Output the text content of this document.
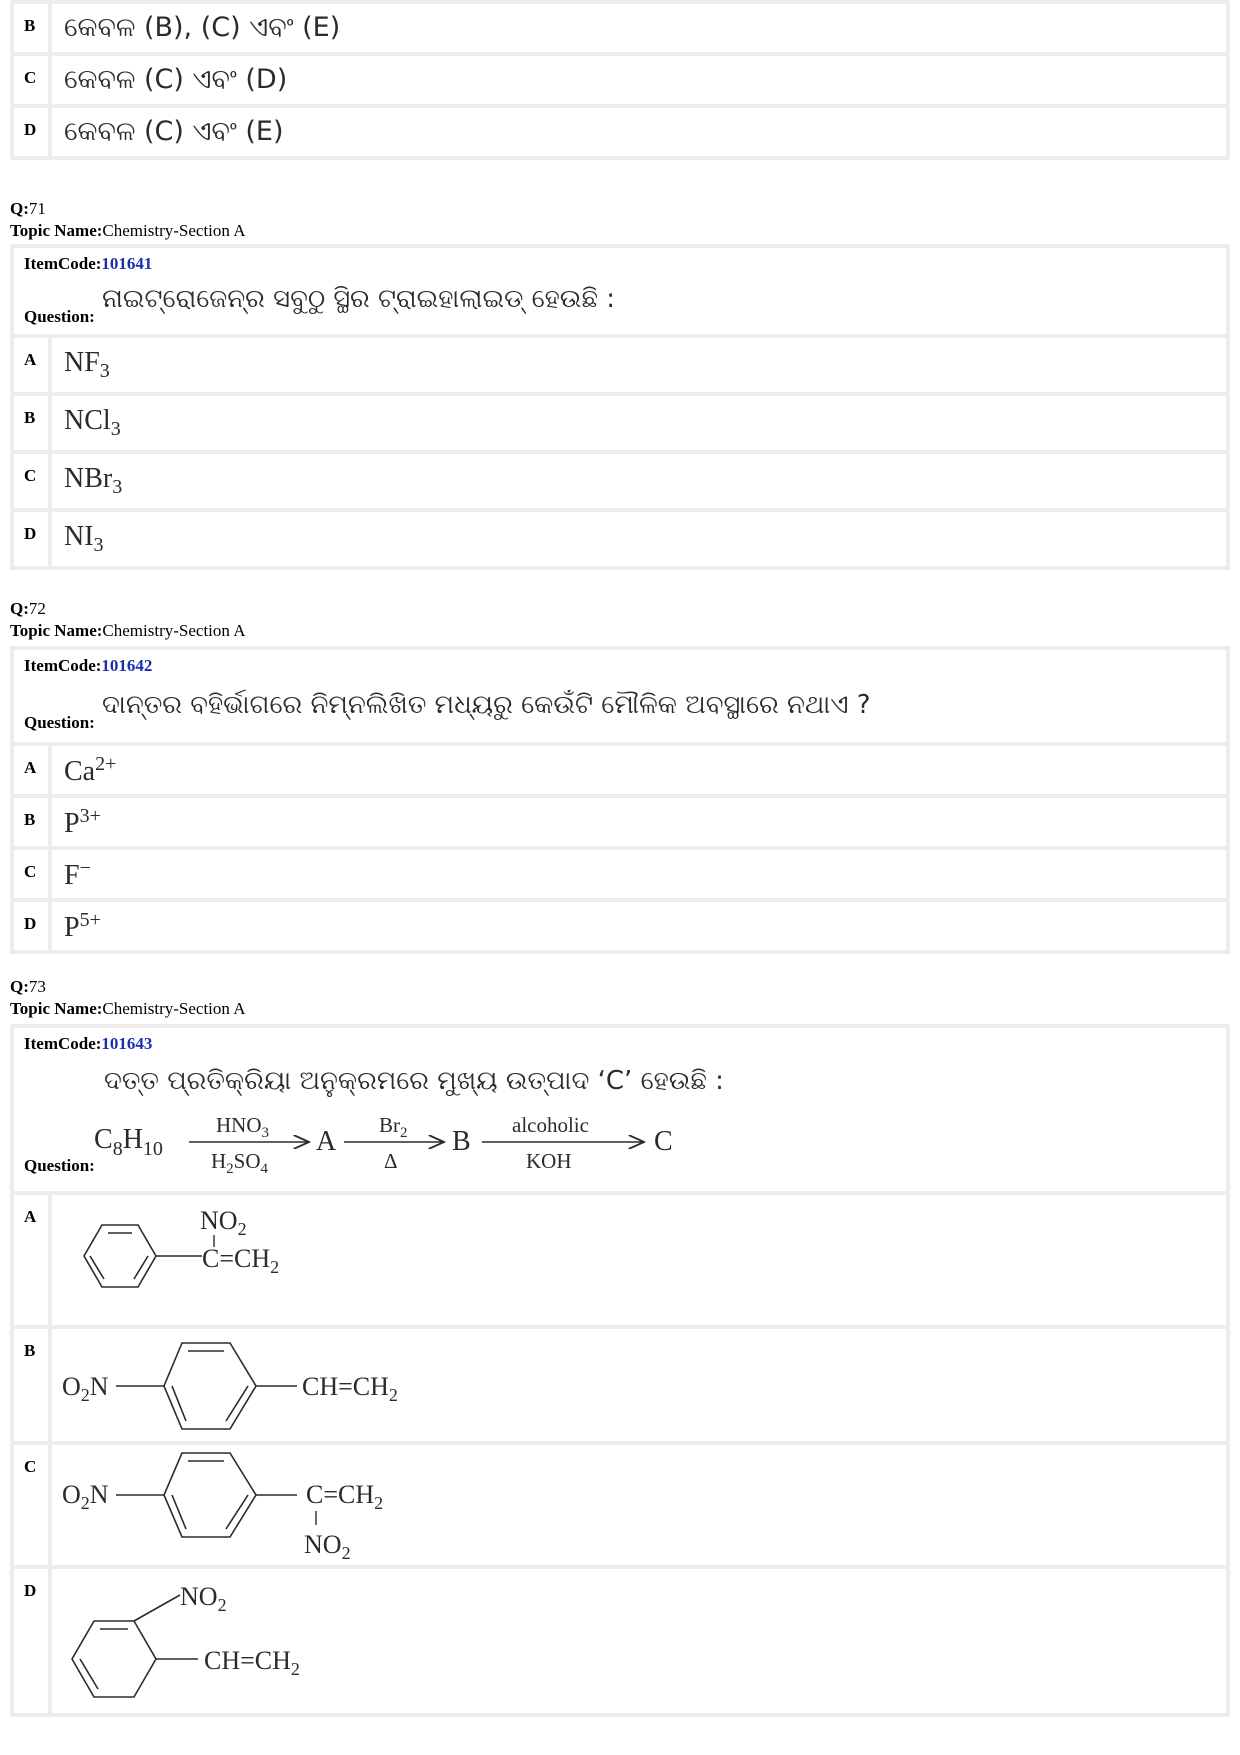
B	କେବଳ (B), (C) ଏବଂ (E)
C	କେବଳ (C) ଏବଂ (D)
D	କେବଳ (C) ଏବଂ (E)
Q:71
Topic Name:Chemistry-Section A
ItemCode:101641
ନାଇଟ୍ରୋଜେନ୍‌ର ସବୁଠୁ ସ୍ଥିର ଟ୍ରାଇହାଲାଇଡ୍ ହେଉଛି :
Question:
A $NF_3$
B	NCl$_3$
C NBr$_3$
D $NI_3$
Q:72
Topic Name:Chemistry-Section A
ItemCode:101642
ଦାନ୍ତର ବହିର୍ଭାଗରେ ନିମ୍ନଲିଖିତ ମଧ୍ୟରୁ କେଉଁଟି ମୌଳିକ ଅବସ୍ଥାରେ ନଥାଏ ?
Question:
A $Ca^{2+}$
B	$P^{3+}$
C F−
D $P^{5+}$
Q:73
Topic Name:Chemistry-Section A
ItemCode:101643
ଦତ୍ତ ପ୍ରତିକ୍ରିୟା ଅନୁକ୍ରମରେ ମୁଖ୍ୟ ଉତ୍ପାଦ ‘C’ ହେଉଛି :
$C_8H_{10}$
$HNO_3$
$H_2SO_4$
A
$Br_2$
Δ
B
alcoholic
KOH
C
Question:
A	$NO_2$
$C=CH_2$
B
$O_2N$	$CH=CH_2$
C
$O_2N$	$C=CH_2$
$NO_2$
D	$NO_2$
$CH=CH_2$
